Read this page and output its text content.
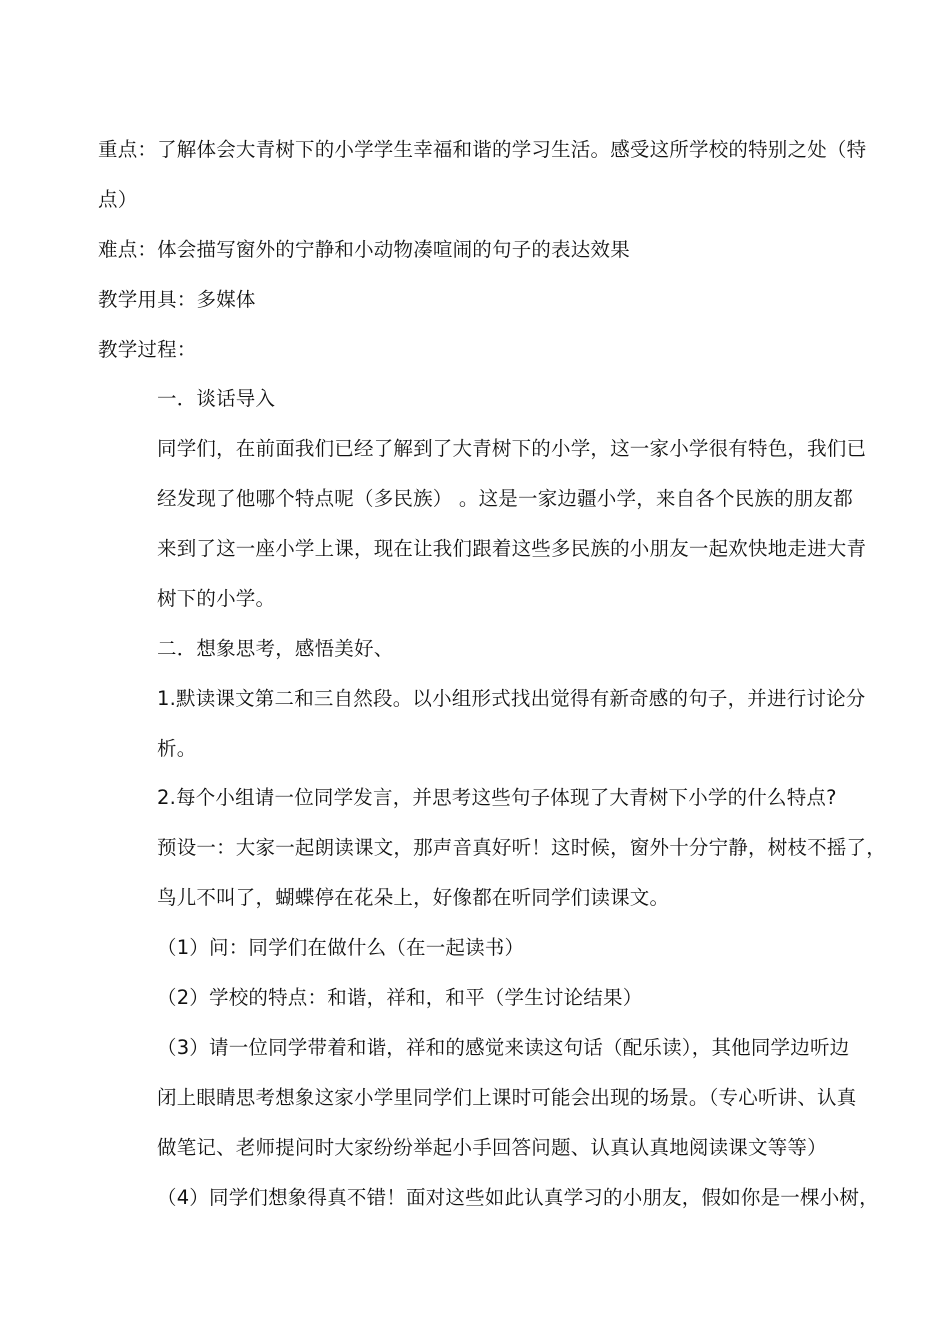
重点：了解体会大青树下的小学学生幸福和谐的学习生活。感受这所学校的特别之处（特
点）
难点：体会描写窗外的宁静和小动物凑喧闹的句子的表达效果
教学用具：多媒体
教学过程：
一．谈话导入
同学们，在前面我们已经了解到了大青树下的小学，这一家小学很有特色，我们已
经发现了他哪个特点呢（多民族） 。这是一家边疆小学，来自各个民族的朋友都
来到了这一座小学上课，现在让我们跟着这些多民族的小朋友一起欢快地走进大青
树下的小学。
二．想象思考，感悟美好、
1.默读课文第二和三自然段。以小组形式找出觉得有新奇感的句子，并进行讨论分
析。
2.每个小组请一位同学发言，并思考这些句子体现了大青树下小学的什么特点?
预设一：大家一起朗读课文，那声音真好听！这时候，窗外十分宁静，树枝不摇了，
鸟儿不叫了，蝴蝶停在花朵上，好像都在听同学们读课文。
（1）问：同学们在做什么（在一起读书）
（2）学校的特点：和谐，祥和，和平（学生讨论结果）
（3）请一位同学带着和谐，祥和的感觉来读这句话（配乐读），其他同学边听边
闭上眼睛思考想象这家小学里同学们上课时可能会出现的场景。（专心听讲、认真
做笔记、老师提问时大家纷纷举起小手回答问题、认真认真地阅读课文等等）
（4）同学们想象得真不错！面对这些如此认真学习的小朋友，假如你是一棵小树，
